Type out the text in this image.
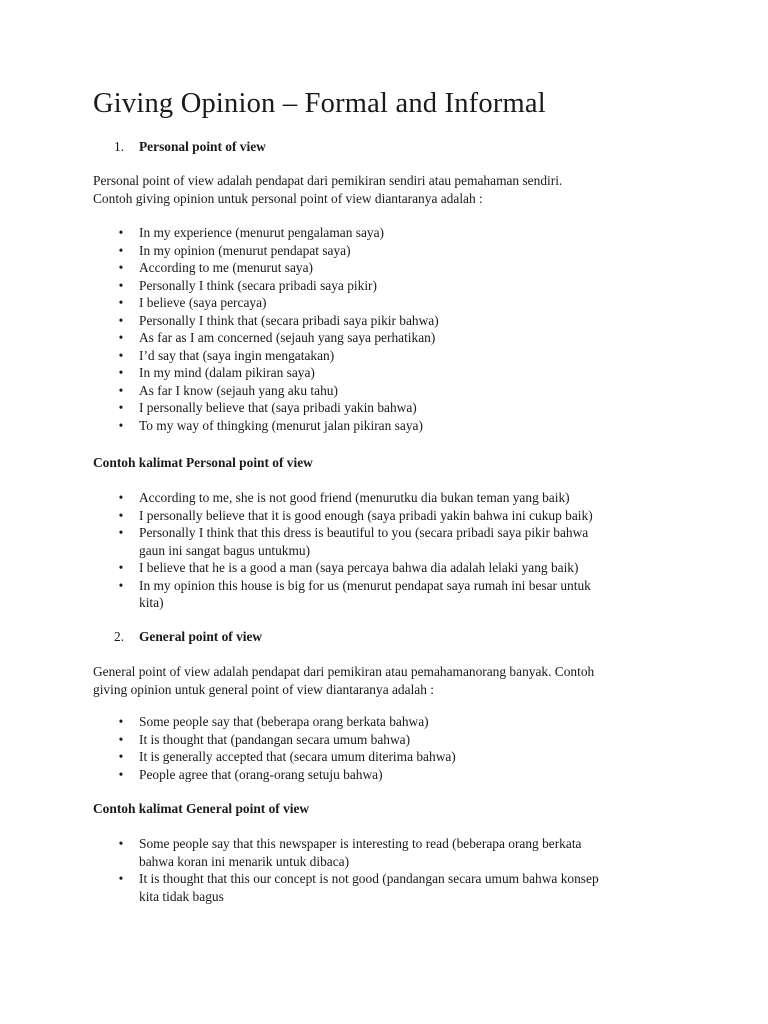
Giving Opinion – Formal and Informal
1. Personal point of view

Personal point of view adalah pendapat dari pemikiran sendiri atau pemahaman sendiri.
Contoh giving opinion untuk personal point of view diantaranya adalah :

• In my experience (menurut pengalaman saya)
• In my opinion (menurut pendapat saya)
• According to me (menurut saya)
• Personally I think (secara pribadi saya pikir)
• I believe (saya percaya)
• Personally I think that (secara pribadi saya pikir bahwa)
• As far as I am concerned (sejauh yang saya perhatikan)
• I’d say that (saya ingin mengatakan)
• In my mind (dalam pikiran saya)
• As far I know (sejauh yang aku tahu)
• I personally believe that (saya pribadi yakin bahwa)
• To my way of thingking (menurut jalan pikiran saya)

Contoh kalimat Personal point of view

• According to me, she is not good friend (menurutku dia bukan teman yang baik)
• I personally believe that it is good enough (saya pribadi yakin bahwa ini cukup baik)
• Personally I think that this dress is beautiful to you (secara pribadi saya pikir bahwa
gaun ini sangat bagus untukmu)
• I believe that he is a good a man (saya percaya bahwa dia adalah lelaki yang baik)
• In my opinion this house is big for us (menurut pendapat saya rumah ini besar untuk
kita)
2. General point of view

General point of view adalah pendapat dari pemikiran atau pemahamanorang banyak. Contoh
giving opinion untuk general point of view diantaranya adalah :

• Some people say that (beberapa orang berkata bahwa)
• It is thought that (pandangan secara umum bahwa)
• It is generally accepted that (secara umum diterima bahwa)
• People agree that (orang-orang setuju bahwa)

Contoh kalimat General point of view

• Some people say that this newspaper is interesting to read (beberapa orang berkata
bahwa koran ini menarik untuk dibaca)
• It is thought that this our concept is not good (pandangan secara umum bahwa konsep
kita tidak bagus
